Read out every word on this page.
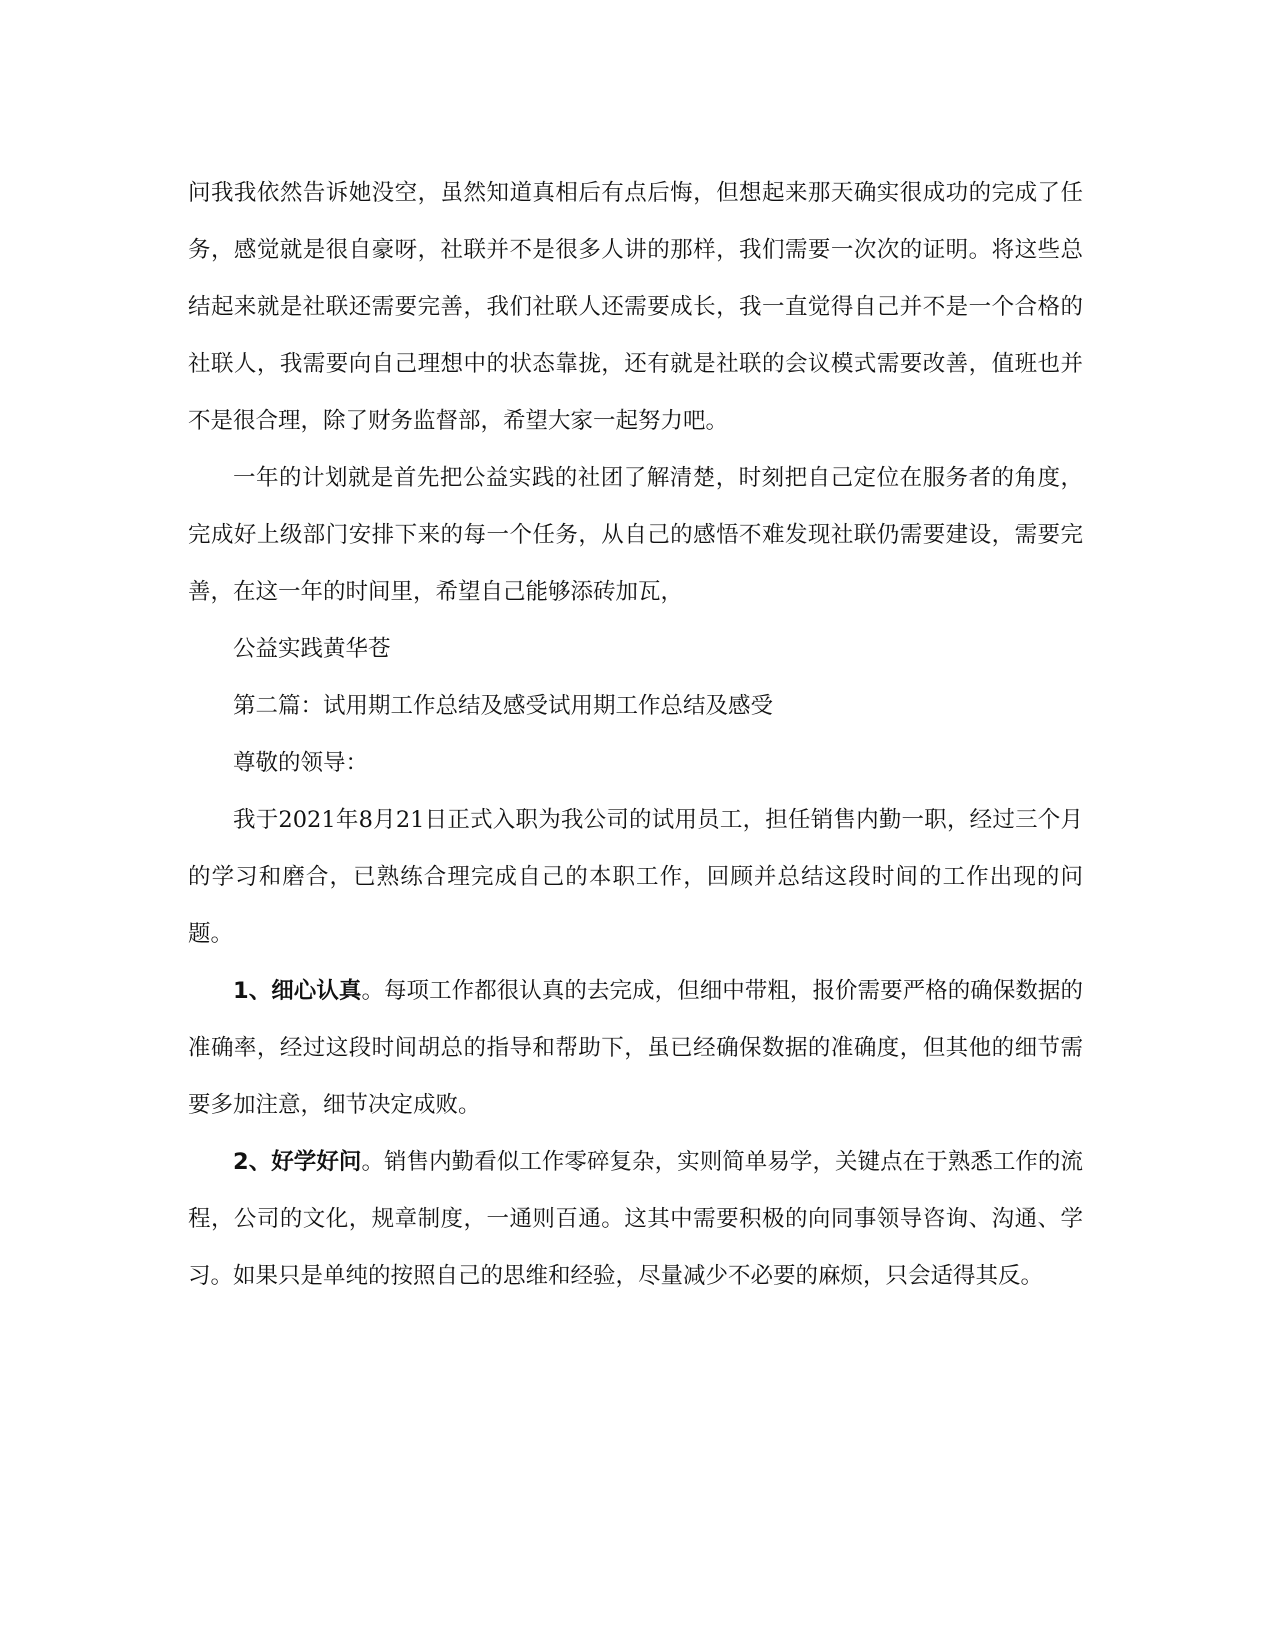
问我我依然告诉她没空，虽然知道真相后有点后悔，但想起来那天确实很成功的完成了任务，感觉就是很自豪呀，社联并不是很多人讲的那样，我们需要一次次的证明。将这些总结起来就是社联还需要完善，我们社联人还需要成长，我一直觉得自己并不是一个合格的社联人，我需要向自己理想中的状态靠拢，还有就是社联的会议模式需要改善，值班也并不是很合理，除了财务监督部，希望大家一起努力吧。

一年的计划就是首先把公益实践的社团了解清楚，时刻把自己定位在服务者的角度，完成好上级部门安排下来的每一个任务，从自己的感悟不难发现社联仍需要建设，需要完善，在这一年的时间里，希望自己能够添砖加瓦，

公益实践黄华苍

第二篇：试用期工作总结及感受试用期工作总结及感受

尊敬的领导：

我于2021年8月21日正式入职为我公司的试用员工，担任销售内勤一职，经过三个月的学习和磨合，已熟练合理完成自己的本职工作，回顾并总结这段时间的工作出现的问题。

1、细心认真。每项工作都很认真的去完成，但细中带粗，报价需要严格的确保数据的准确率，经过这段时间胡总的指导和帮助下，虽已经确保数据的准确度，但其他的细节需要多加注意，细节决定成败。

2、好学好问。销售内勤看似工作零碎复杂，实则简单易学，关键点在于熟悉工作的流程，公司的文化，规章制度，一通则百通。这其中需要积极的向同事领导咨询、沟通、学习。如果只是单纯的按照自己的思维和经验，尽量减少不必要的麻烦，只会适得其反。
